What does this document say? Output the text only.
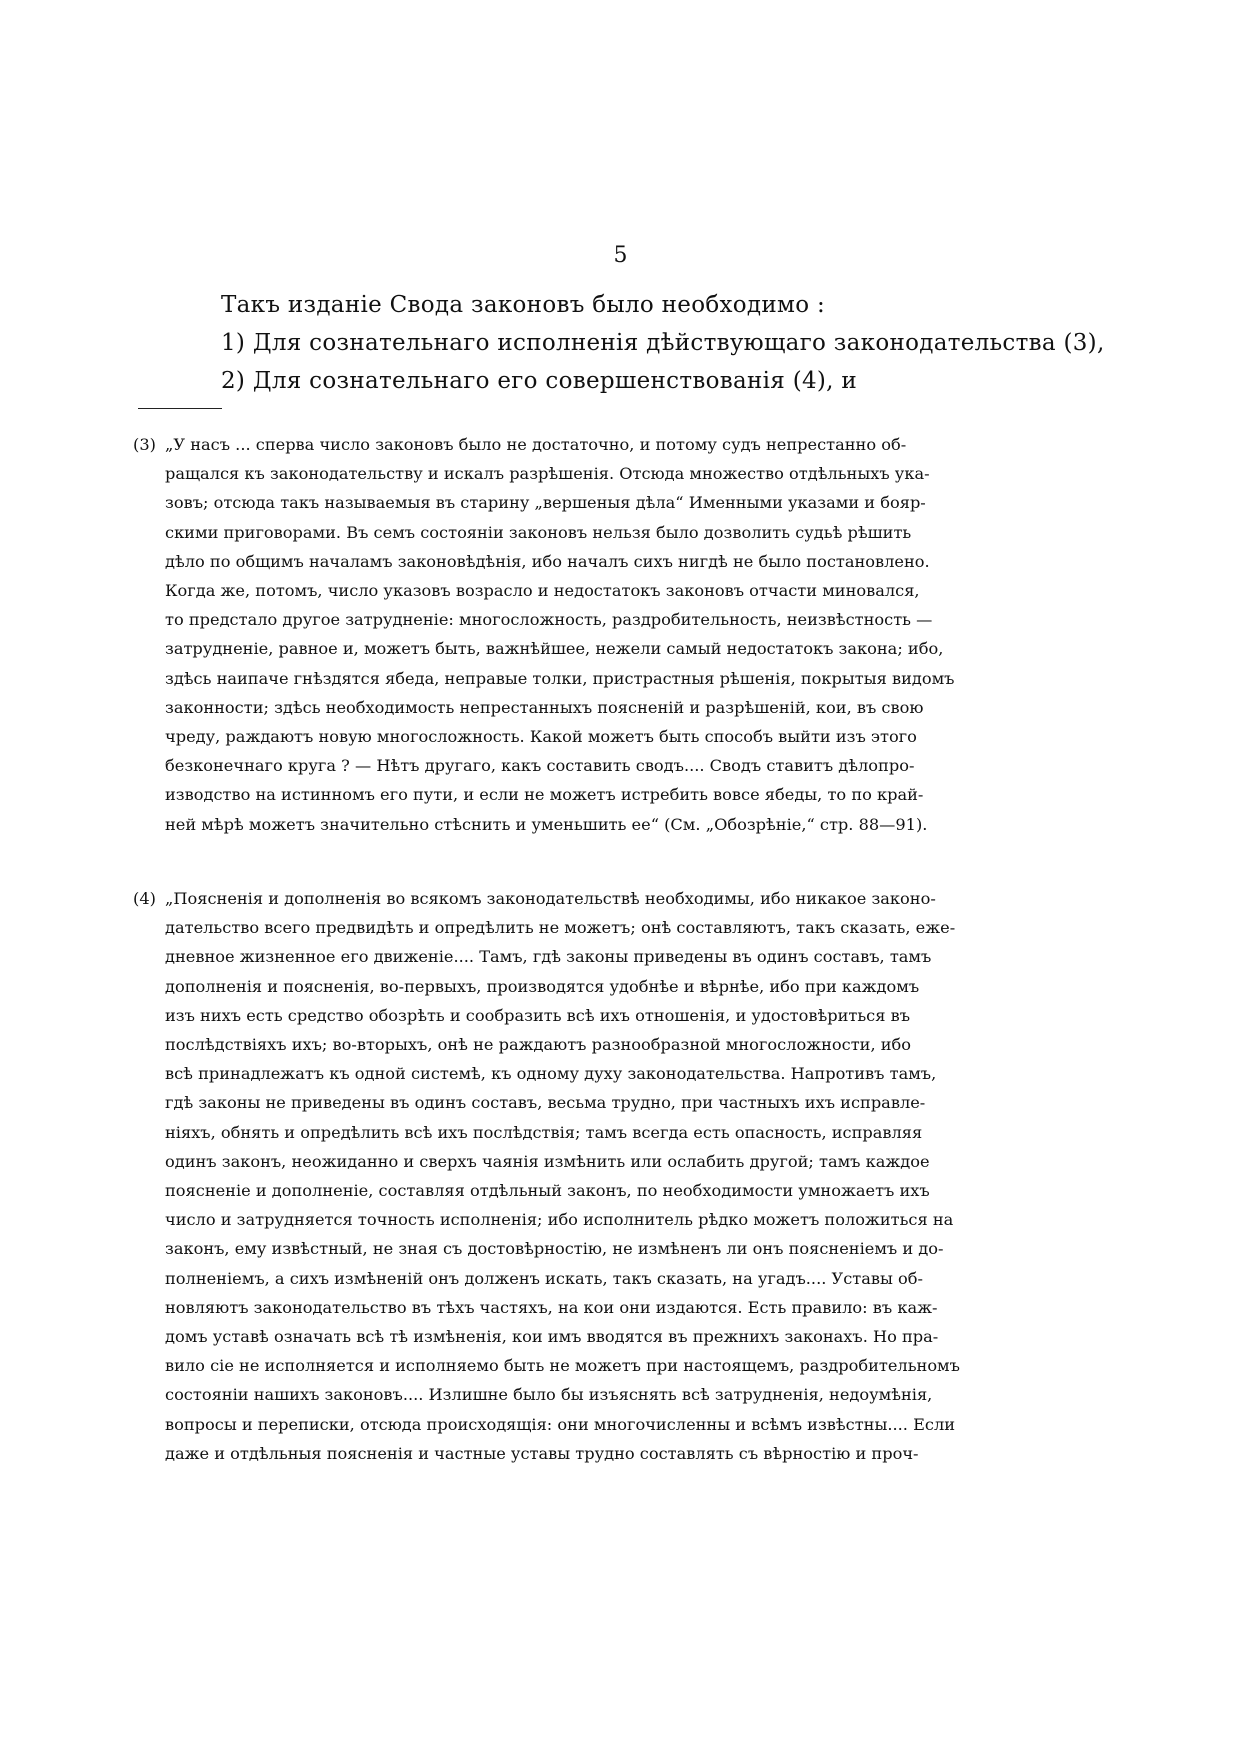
5
Такъ изданіе Свода законовъ было необходимо :
1) Для сознательнаго исполненія дѣйствующаго законодательства (3),
2) Для сознательнаго его совершенствованія (4), и
(3) „У насъ ... сперва число законовъ было не достаточно, и потому судъ непрестанно об-
ращался къ законодательству и искалъ разрѣшенія. Отсюда множество отдѣльныхъ ука-
зовъ; отсюда такъ называемыя въ старину „вершеныя дѣла“ Именными указами и бояр-
скими приговорами. Въ семъ состояніи законовъ нельзя было дозволить судьѣ рѣшить
дѣло по общимъ началамъ законовѣдѣнія, ибо началъ сихъ нигдѣ не было постановлено.
Когда же, потомъ, число указовъ возрасло и недостатокъ законовъ отчасти миновался,
то предстало другое затрудненіе: многосложность, раздробительность, неизвѣстность —
затрудненіе, равное и, можетъ быть, важнѣйшее, нежели самый недостатокъ закона; ибо,
здѣсь наипаче гнѣздятся ябеда, неправые толки, пристрастныя рѣшенія, покрытыя видомъ
законности; здѣсь необходимость непрестанныхъ поясненій и разрѣшеній, кои, въ свою
чреду, раждаютъ новую многосложность. Какой можетъ быть способъ выйти изъ этого
безконечнаго круга ? — Нѣтъ другаго, какъ составить сводъ.... Сводъ ставитъ дѣлопро-
изводство на истинномъ его пути, и если не можетъ истребить вовсе ябеды, то по край-
ней мѣрѣ можетъ значительно стѣснить и уменьшить ее“ (См. „Обозрѣніе,“ стр. 88—91).
(4) „Поясненія и дополненія во всякомъ законодательствѣ необходимы, ибо никакое законо-
дательство всего предвидѣть и опредѣлить не можетъ; онѣ составляютъ, такъ сказать, еже-
дневное жизненное его движеніе.... Тамъ, гдѣ законы приведены въ одинъ составъ, тамъ
дополненія и поясненія, во-первыхъ, производятся удобнѣе и вѣрнѣе, ибо при каждомъ
изъ нихъ есть средство обозрѣть и сообразить всѣ ихъ отношенія, и удостовѣриться въ
послѣдствіяхъ ихъ; во-вторыхъ, онѣ не раждаютъ разнообразной многосложности, ибо
всѣ принадлежатъ къ одной системѣ, къ одному духу законодательства. Напротивъ тамъ,
гдѣ законы не приведены въ одинъ составъ, весьма трудно, при частныхъ ихъ исправле-
ніяхъ, обнять и опредѣлить всѣ ихъ послѣдствія; тамъ всегда есть опасность, исправляя
одинъ законъ, неожиданно и сверхъ чаянія измѣнить или ослабить другой; тамъ каждое
поясненіе и дополненіе, составляя отдѣльный законъ, по необходимости умножаетъ ихъ
число и затрудняется точность исполненія; ибо исполнитель рѣдко можетъ положиться на
законъ, ему извѣстный, не зная съ достовѣрностію, не измѣненъ ли онъ поясненіемъ и до-
полненіемъ, а сихъ измѣненій онъ долженъ искать, такъ сказать, на угадъ.... Уставы об-
новляютъ законодательство въ тѣхъ частяхъ, на кои они издаются. Есть правило: въ каж-
домъ уставѣ означать всѣ тѣ измѣненія, кои имъ вводятся въ прежнихъ законахъ. Но пра-
вило сіе не исполняется и исполняемо быть не можетъ при настоящемъ, раздробительномъ
состояніи нашихъ законовъ.... Излишне было бы изъяснять всѣ затрудненія, недоумѣнія,
вопросы и переписки, отсюда происходящія: они многочисленны и всѣмъ извѣстны.... Если
даже и отдѣльныя поясненія и частные уставы трудно составлять съ вѣрностію и проч-
